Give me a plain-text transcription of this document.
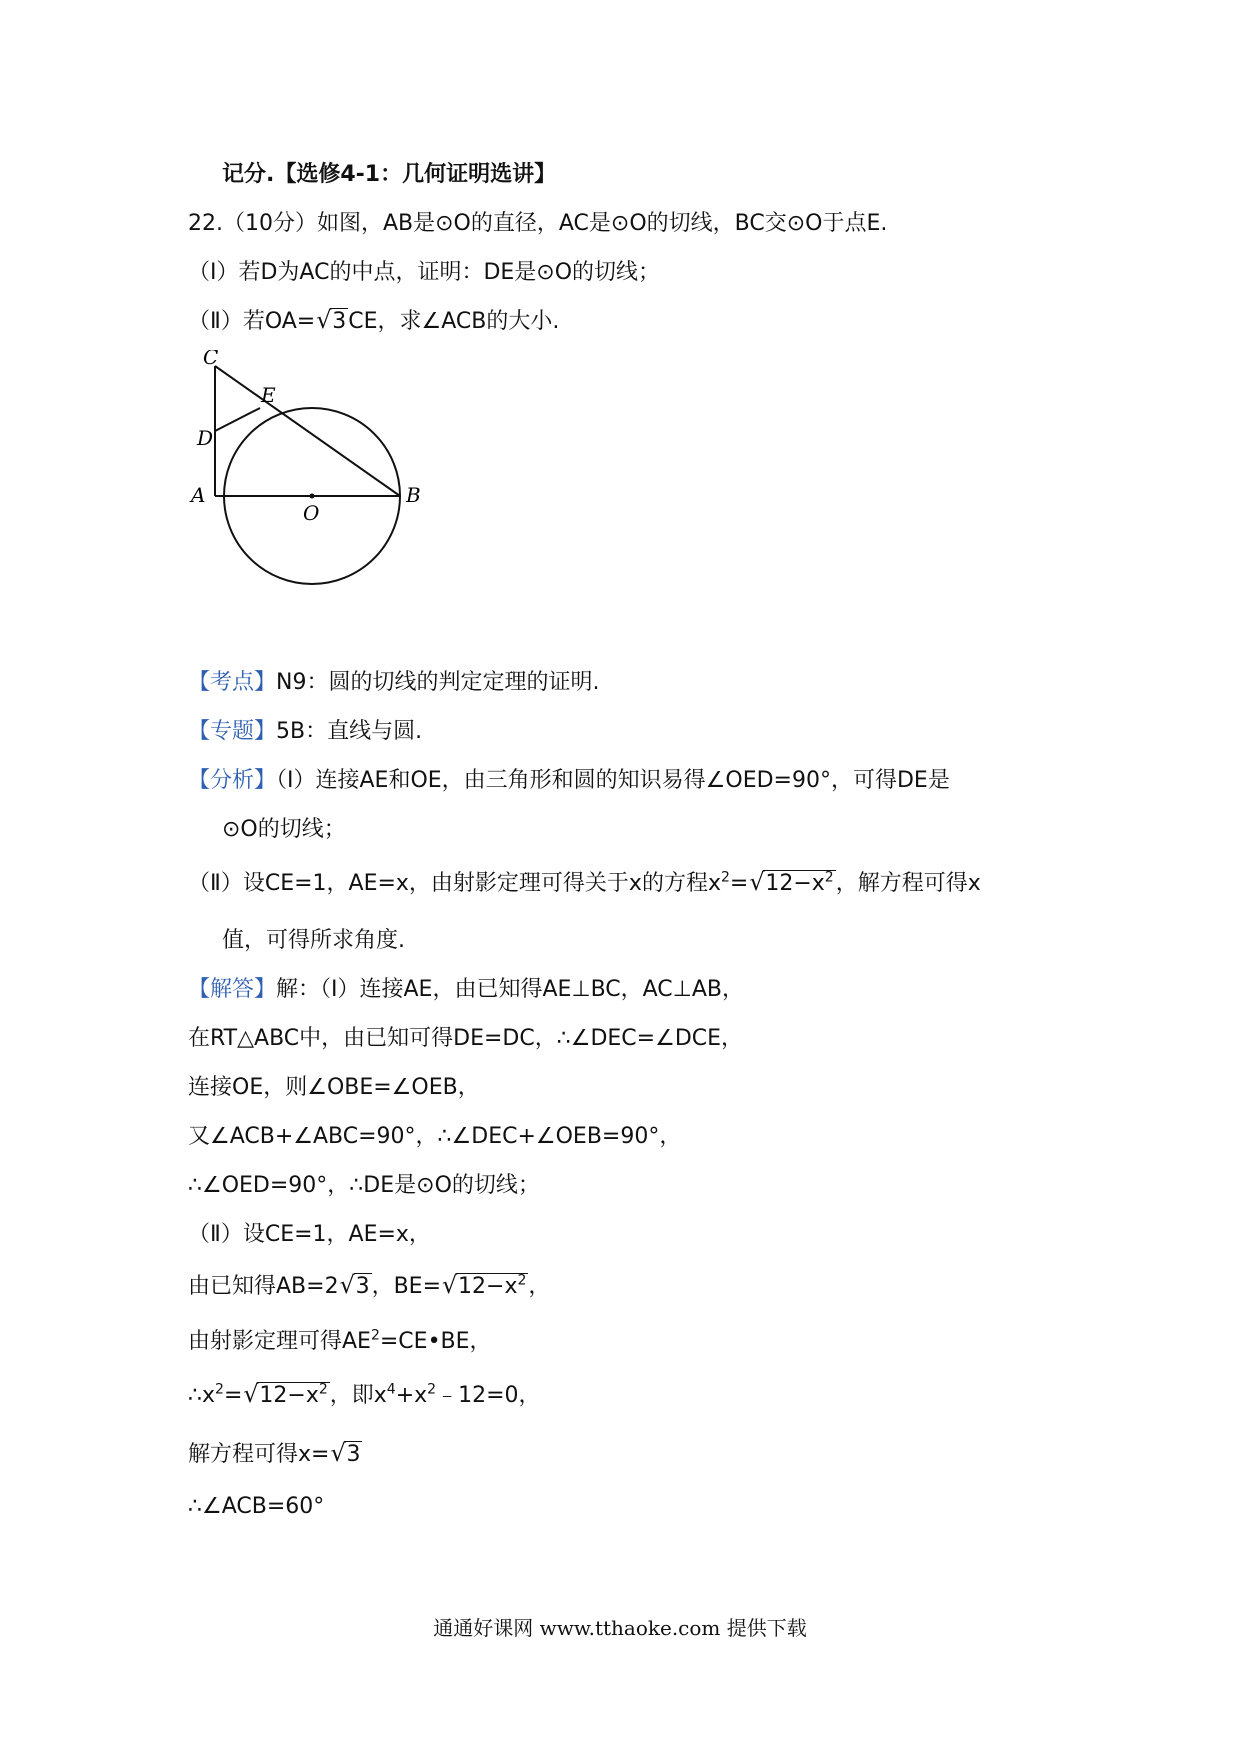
记分.【选修4-1：几何证明选讲】
22.（10分）如图，AB是⊙O的直径，AC是⊙O的切线，BC交⊙O于点E.
（Ⅰ）若D为AC的中点，证明：DE是⊙O的切线；
（Ⅱ）若OA=√ 3CE，求∠ACB的大小.
C
E
D
A
O
B
【考点】N9：圆的切线的判定定理的证明.
【专题】5B：直线与圆.
【分析】（Ⅰ）连接AE和OE，由三角形和圆的知识易得∠OED=90°，可得DE是
⊙O的切线；
（Ⅱ）设CE=1，AE=x，由射影定理可得关于x的方程$x^2=√$ $12-x^2$，解方程可得x
值，可得所求角度.
【解答】解：（Ⅰ）连接AE，由已知得AE⊥BC，AC⊥AB，
在RT△ABC中，由已知可得DE=DC，∴∠DEC=∠DCE，
连接OE，则∠OBE=∠OEB，
又∠ACB+∠ABC=90°，∴∠DEC+∠OEB=90°，
∴∠OED=90°，∴DE是⊙O的切线；
（Ⅱ）设CE=1，AE=x，
由已知得AB=2√ 3，BE=√ $12-x^2$，
由射影定理可得$AE^2=CE•BE$，
$\therefore x^2=√$ $12-x^2$，即$x^4+x^2﹣12=0$，
解方程可得x=√ 3
∴∠ACB=60°
通通好课网 www.tthaoke.com 提供下载
